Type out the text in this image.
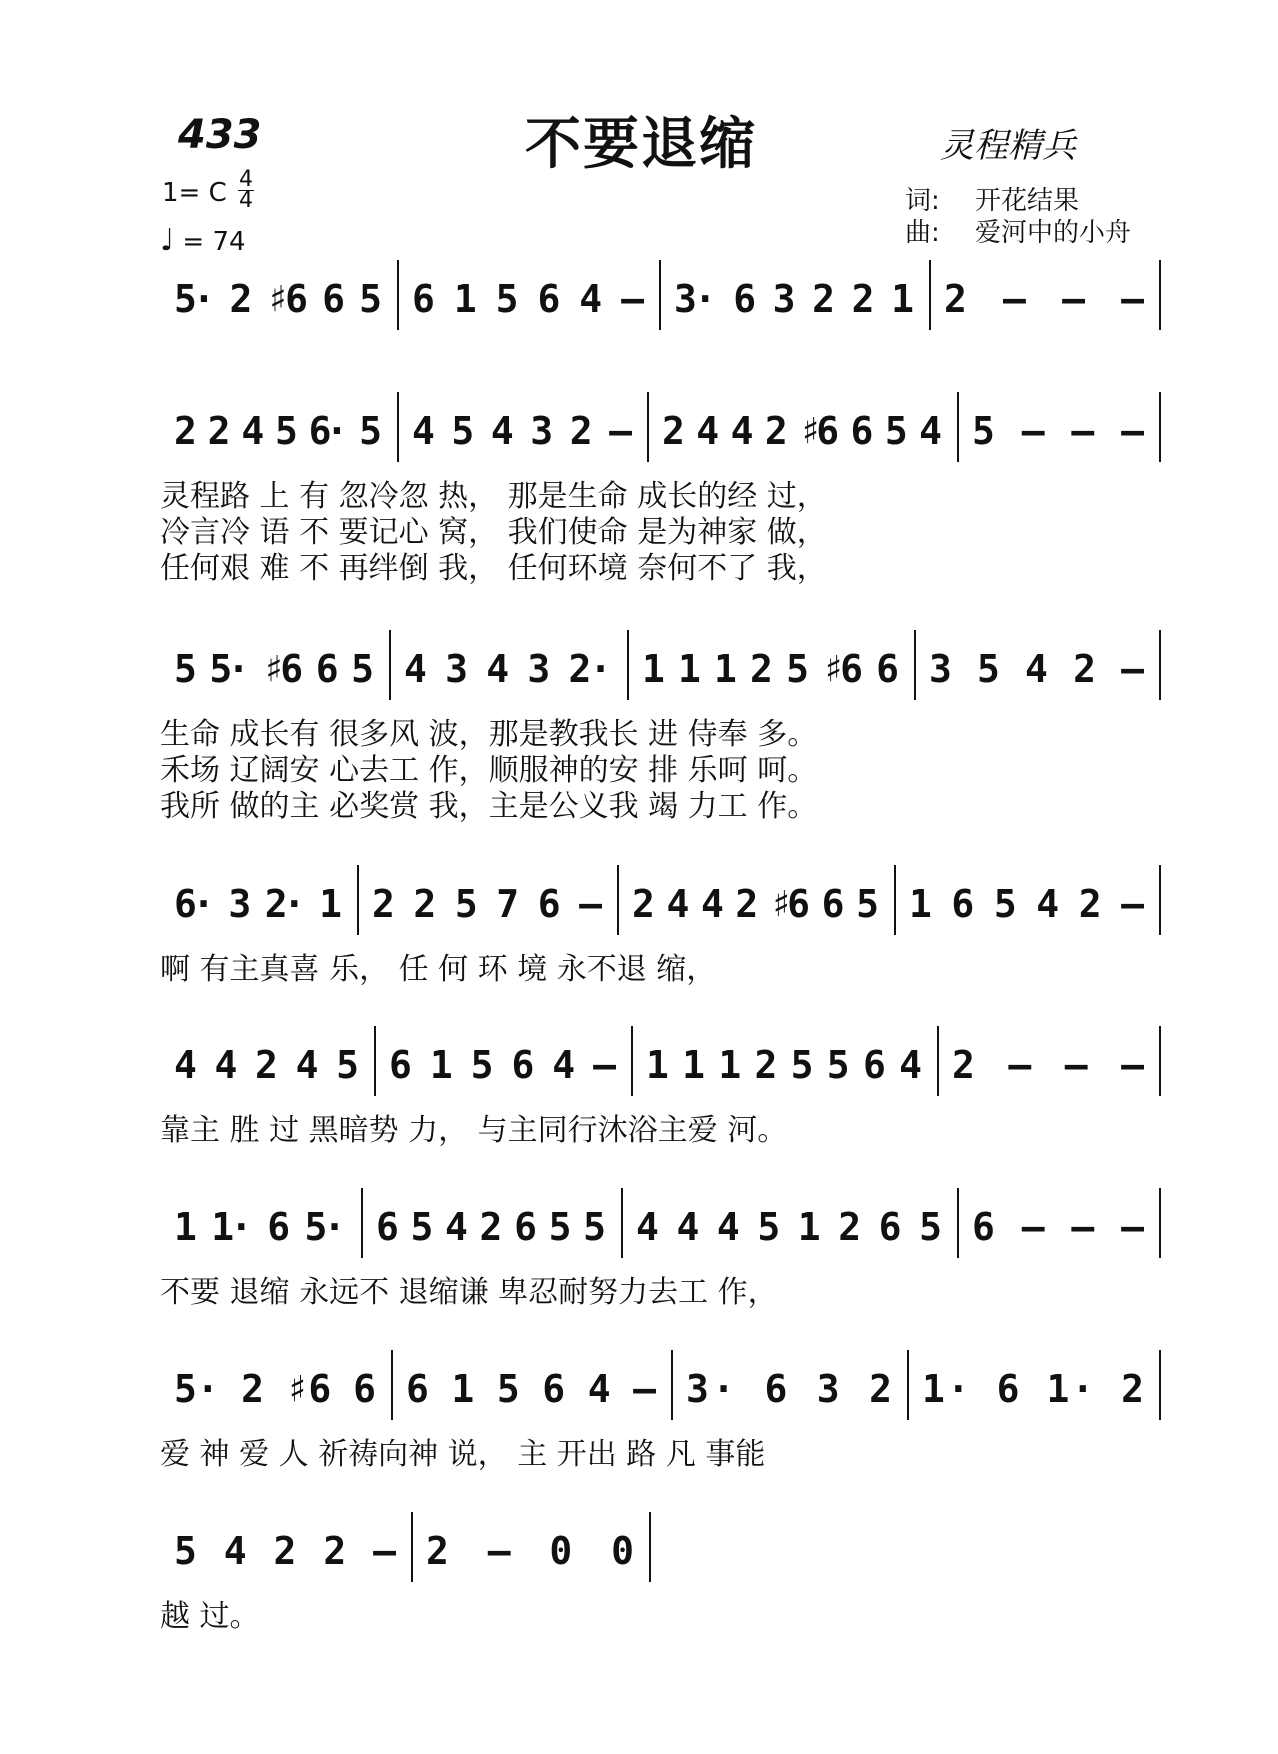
433	不要退缩	灵程精兵
1= C 4
4
♩ = 74
词: 开花结果
曲: 爱河中的小舟
5· 2 ♯6 6 5 6 1 5 6 4 – 3· 6 3 2 2 1 2 – – –
2 2 4 5 6· 5 4 5 4 3 2 – 2 4 4 2 ♯6 6 5 4 5 – – –
灵程路 上 有 忽冷忽 热， 那是生命 成长的经 过，
冷言冷 语 不 要记心 窝， 我们使命 是为神家 做，
任何艰 难 不 再绊倒 我， 任何环境 奈何不了 我，
5 5· ♯6 6 5 4 3 4 3 2· 1 1 1 2 5 ♯6 6 3 5 4 2 –
生命 成长有 很多风 波，那是教我长 进 侍奉 多。
禾场 辽阔安 心去工 作，顺服神的安 排 乐呵 呵。
我所 做的主 必奖赏 我，主是公义我 竭 力工 作。
6· 3 2· 1 2 2 5 7 6 – 2 4 4 2 ♯6 6 5 1 6 5 4 2 –
啊 有主真喜 乐， 任 何 环 境 永不退 缩，
4 4 2 4 5 6 1 5 6 4 – 1 1 1 2 5 5 6 4 2 – – –
靠主 胜 过 黑暗势 力， 与主同行沐浴主爱 河。
1 1· 6 5· 6 5 4 2 6 5 5 4 4 4 5 1 2 6 5 6 – – –
不要 退缩 永远不 退缩谦 卑忍耐努力去工 作，
5· 2 ♯6 6 6 1 5 6 4 – 3· 6 3 2 1· 6 1· 2
爱 神 爱 人 祈祷向神 说， 主 开出 路 凡 事能
5 4 2 2 – 2 – 0 0
越 过。
